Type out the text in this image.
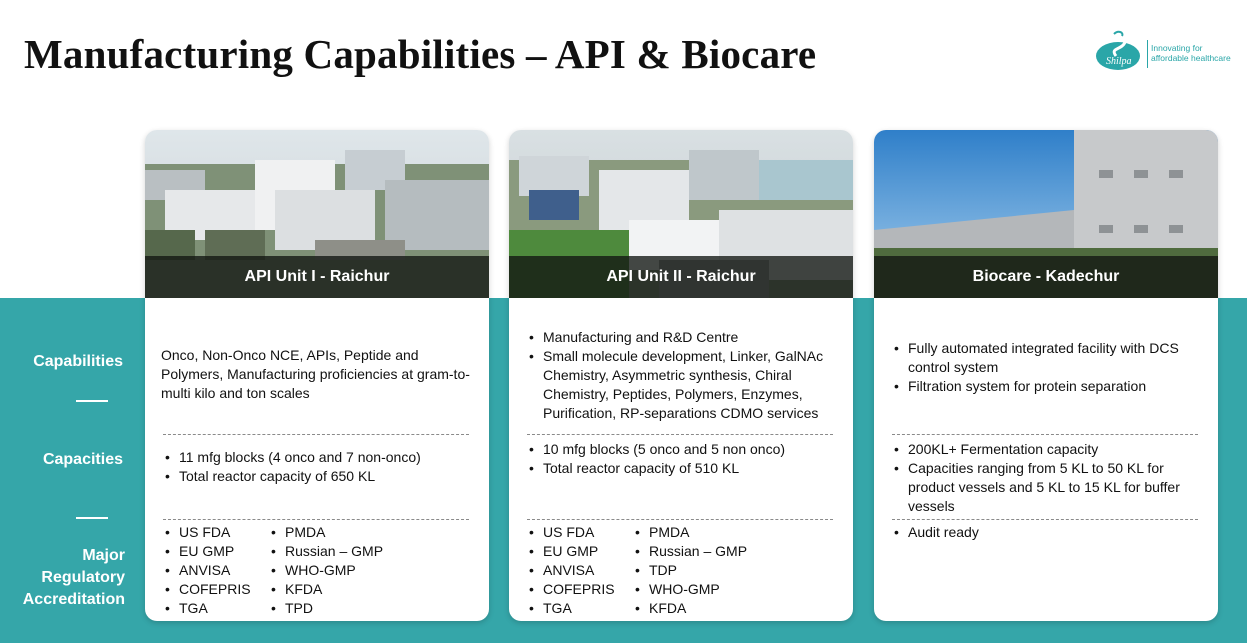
Manufacturing Capabilities – API & Biocare	Shilpa
Innovating for
affordable healthcare
Capabilities
Capacities
Major
Regulatory
Accreditation
API Unit I - Raichur

Onco, Non-Onco NCE, APIs, Peptide and Polymers, Manufacturing proficiencies at gram-to-multi kilo and ton scales

• 11 mfg blocks (4 onco and 7 non-onco)
• Total reactor capacity of 650 KL
• US FDA
• EU GMP
• ANVISA
• COFEPRIS
• TGA
• PMDA
• Russian – GMP
• WHO-GMP
• KFDA
• TPD
API Unit II - Raichur
• Manufacturing and R&D Centre
• Small molecule development, Linker, GalNAc Chemistry, Asymmetric synthesis, Chiral Chemistry, Peptides, Polymers, Enzymes, Purification, RP-separations CDMO services
• 10 mfg blocks (5 onco and 5 non onco)
• Total reactor capacity of 510 KL
• US FDA
• EU GMP
• ANVISA
• COFEPRIS
• TGA
• PMDA
• Russian – GMP
• TDP
• WHO-GMP
• KFDA
Biocare - Kadechur
• Fully automated integrated facility with DCS control system
• Filtration system for protein separation
• 200KL+ Fermentation capacity
• Capacities ranging from 5 KL to 50 KL for product vessels and 5 KL to 15 KL for buffer vessels
• Audit ready
